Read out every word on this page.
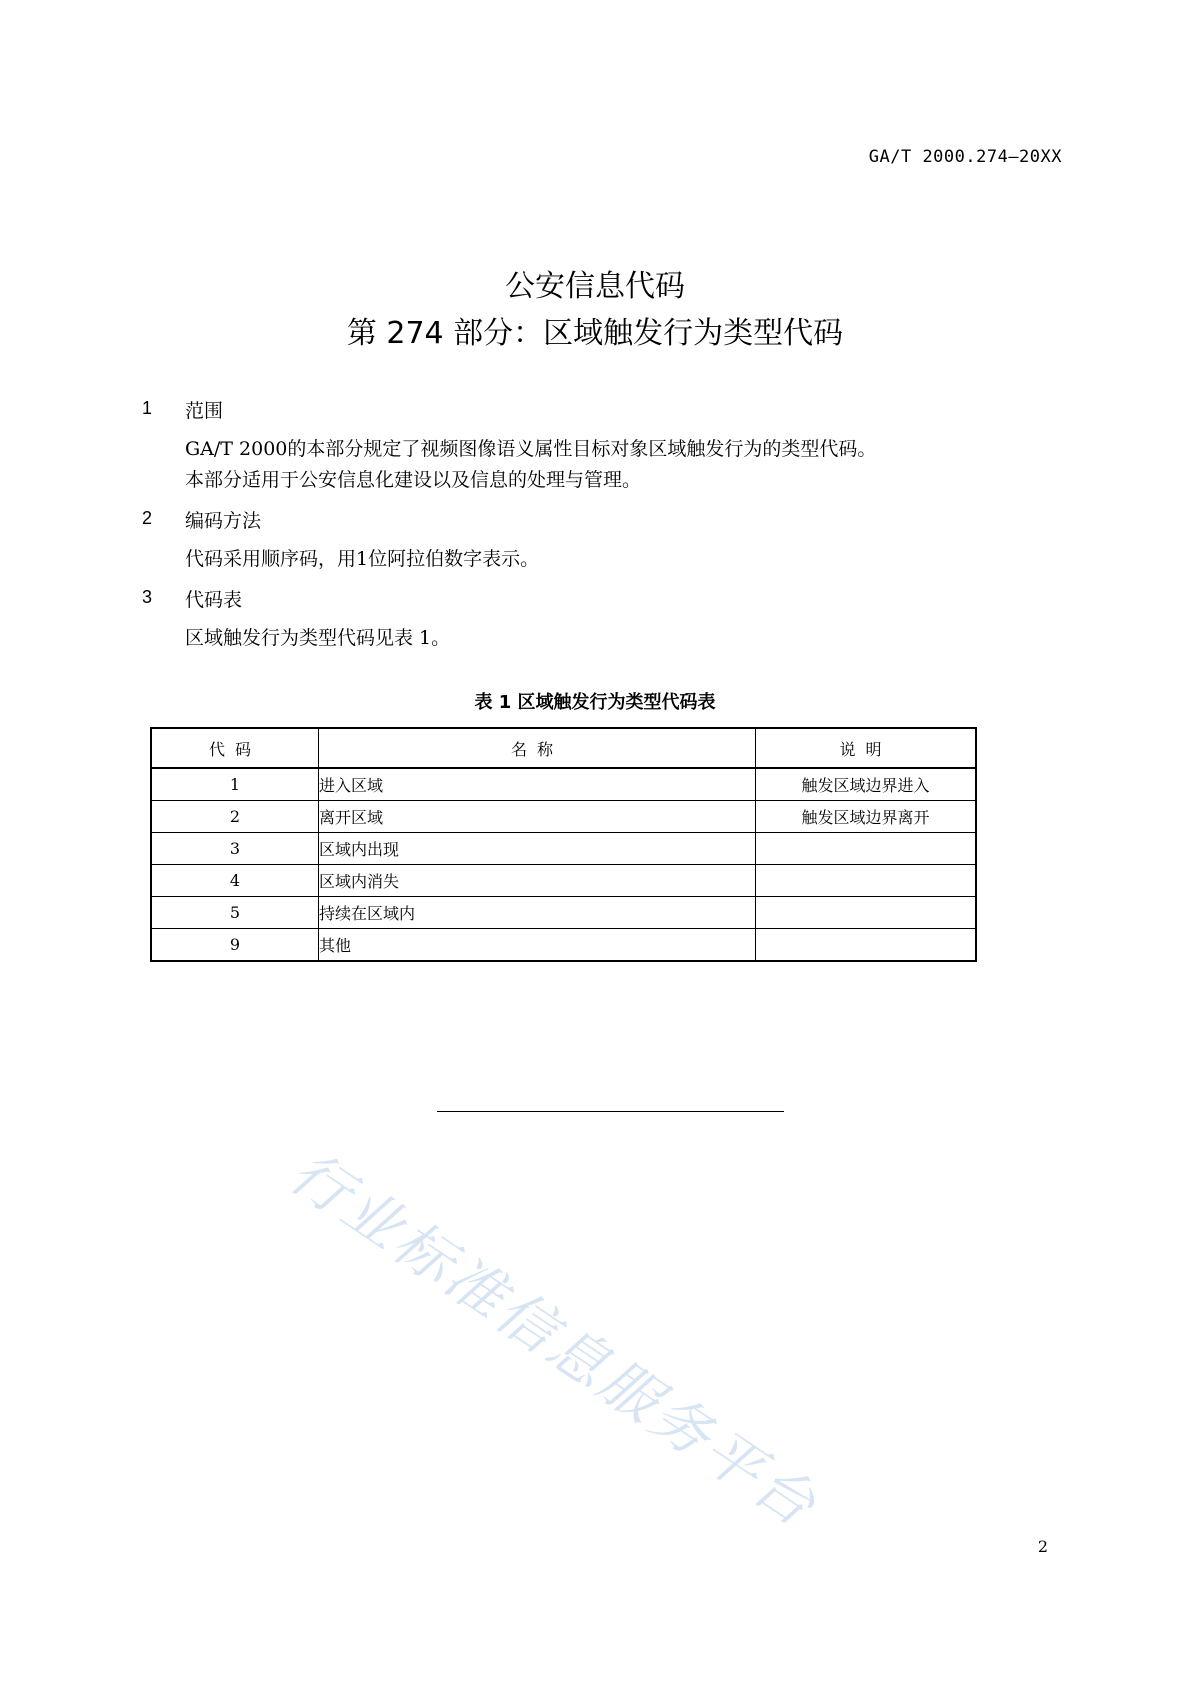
GA/T 2000.274—20XX
公安信息代码
第 274 部分：区域触发行为类型代码
1 范围
GA/T 2000的本部分规定了视频图像语义属性目标对象区域触发行为的类型代码。
本部分适用于公安信息化建设以及信息的处理与管理。
2 编码方法
代码采用顺序码，用1位阿拉伯数字表示。
3 代码表
区域触发行为类型代码见表 1。
表 1 区域触发行为类型代码表
代码	名称	说明
1	进入区域	触发区域边界进入
2	离开区域	触发区域边界离开
3	区域内出现	
4	区域内消失	
5	持续在区域内	
9	其他	
行业标准信息服务平台
2
